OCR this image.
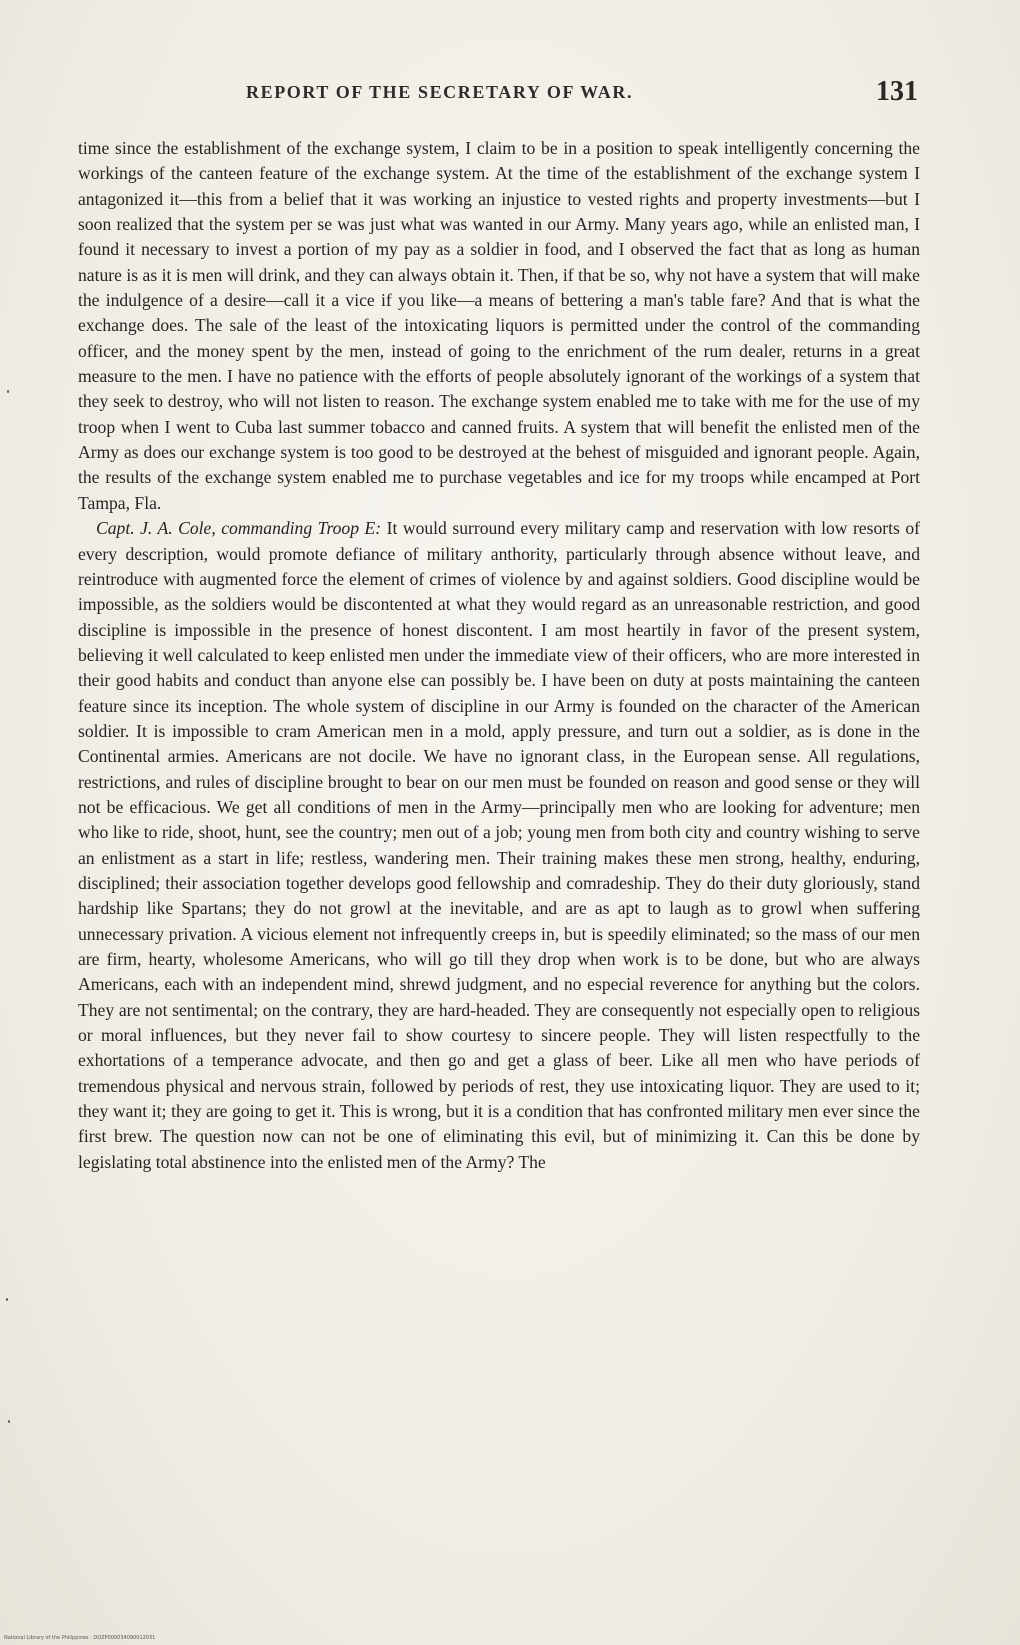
REPORT OF THE SECRETARY OF WAR.	131

time since the establishment of the exchange system, I claim to be in a position to speak intelligently concerning the workings of the canteen feature of the exchange system. At the time of the establishment of the exchange system I antagonized it—this from a belief that it was working an injustice to vested rights and property investments—but I soon realized that the system per se was just what was wanted in our Army. Many years ago, while an enlisted man, I found it necessary to invest a portion of my pay as a soldier in food, and I observed the fact that as long as human nature is as it is men will drink, and they can always obtain it. Then, if that be so, why not have a system that will make the indulgence of a desire—call it a vice if you like—a means of bettering a man's table fare? And that is what the exchange does. The sale of the least of the intoxicating liquors is permitted under the control of the commanding officer, and the money spent by the men, instead of going to the enrichment of the rum dealer, returns in a great measure to the men. I have no patience with the efforts of people absolutely ignorant of the workings of a system that they seek to destroy, who will not listen to reason. The exchange system enabled me to take with me for the use of my troop when I went to Cuba last summer tobacco and canned fruits. A system that will benefit the enlisted men of the Army as does our exchange system is too good to be destroyed at the behest of misguided and ignorant people. Again, the results of the exchange system enabled me to purchase vegetables and ice for my troops while encamped at Port Tampa, Fla.

Capt. J. A. Cole, commanding Troop E: It would surround every military camp and reservation with low resorts of every description, would promote defiance of military anthority, particularly through absence without leave, and reintroduce with augmented force the element of crimes of violence by and against soldiers. Good discipline would be impossible, as the soldiers would be discontented at what they would regard as an unreasonable restriction, and good discipline is impossible in the presence of honest discontent. I am most heartily in favor of the present system, believing it well calculated to keep enlisted men under the immediate view of their officers, who are more interested in their good habits and conduct than anyone else can possibly be. I have been on duty at posts maintaining the canteen feature since its inception. The whole system of discipline in our Army is founded on the character of the American soldier. It is impossible to cram American men in a mold, apply pressure, and turn out a soldier, as is done in the Continental armies. Americans are not docile. We have no ignorant class, in the European sense. All regulations, restrictions, and rules of discipline brought to bear on our men must be founded on reason and good sense or they will not be efficacious. We get all conditions of men in the Army—principally men who are looking for adventure; men who like to ride, shoot, hunt, see the country; men out of a job; young men from both city and country wishing to serve an enlistment as a start in life; restless, wandering men. Their training makes these men strong, healthy, enduring, disciplined; their association together develops good fellowship and comradeship. They do their duty gloriously, stand hardship like Spartans; they do not growl at the inevitable, and are as apt to laugh as to growl when suffering unnecessary privation. A vicious element not infrequently creeps in, but is speedily eliminated; so the mass of our men are firm, hearty, wholesome Americans, who will go till they drop when work is to be done, but who are always Americans, each with an independent mind, shrewd judgment, and no especial reverence for anything but the colors. They are not sentimental; on the contrary, they are hard-headed. They are consequently not especially open to religious or moral influences, but they never fail to show courtesy to sincere people. They will listen respectfully to the exhortations of a temperance advocate, and then go and get a glass of beer. Like all men who have periods of tremendous physical and nervous strain, followed by periods of rest, they use intoxicating liquor. They are used to it; they want it; they are going to get it. This is wrong, but it is a condition that has confronted military men ever since the first brew. The question now can not be one of eliminating this evil, but of minimizing it. Can this be done by legislating total abstinence into the enlisted men of the Army? The

National Library of the Philippines · DOZP000034090012031
